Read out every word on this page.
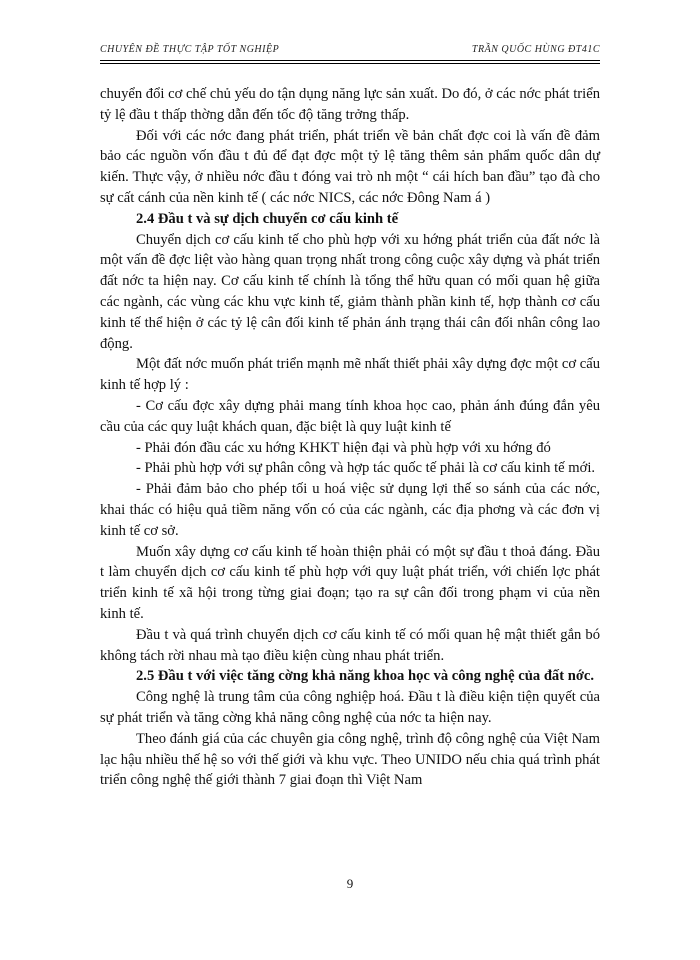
CHUYÊN ĐỀ THỰC TẬP TỐT NGHIỆP	TRẦN QUỐC HÙNG ĐT41C

chuyển đổi cơ chế chủ yếu do tận dụng năng lực sản xuất. Do đó, ở các nớc phát triển tỷ lệ đầu t thấp thờng dẫn đến tốc độ tăng trởng thấp.

Đối với các nớc đang phát triển, phát triển về bản chất đợc coi là vấn đề đảm bảo các nguồn vốn đầu t đủ để đạt đợc một tỷ lệ tăng thêm sản phẩm quốc dân dự kiến. Thực vậy, ở nhiều nớc đầu t đóng vai trò nh một “ cái hích ban đầu” tạo đà cho sự cất cánh của nền kinh tế ( các nớc NICS, các nớc Đông Nam á )

2.4 Đầu t và sự dịch chuyển cơ cấu kinh tế

Chuyển dịch cơ cấu kinh tế cho phù hợp với xu hớng phát triển của đất nớc là một vấn đề đợc liệt vào hàng quan trọng nhất trong công cuộc xây dựng và phát triển đất nớc ta hiện nay. Cơ cấu kinh tế chính là tổng thể hữu quan có mối quan hệ giữa các ngành, các vùng các khu vực kinh tế, giảm thành phần kinh tế, hợp thành cơ cấu kinh tế thể hiện ở các tỷ lệ cân đối kinh tế phản ánh trạng thái cân đối nhân công lao động.

Một đất nớc muốn phát triển mạnh mẽ nhất thiết phải xây dựng đợc một cơ cấu kinh tế hợp lý :

- Cơ cấu đợc xây dựng phải mang tính khoa học cao, phản ánh đúng đắn yêu cầu của các quy luật khách quan, đặc biệt là quy luật kinh tế

- Phải đón đầu các xu hớng KHKT hiện đại và phù hợp với xu hớng đó

- Phải phù hợp với sự phân công và hợp tác quốc tế phải là cơ cấu kinh tế mới.

- Phải đảm bảo cho phép tối u hoá việc sử dụng lợi thế so sánh của các nớc, khai thác có hiệu quả tiềm năng vốn có của các ngành, các địa phơng và các đơn vị kinh tế cơ sở.

Muốn xây dựng cơ cấu kinh tế hoàn thiện phải có một sự đầu t thoả đáng. Đầu t làm chuyển dịch cơ cấu kinh tế phù hợp với quy luật phát triển, với chiến lợc phát triển kinh tế xã hội trong từng giai đoạn; tạo ra sự cân đối trong phạm vi của nền kinh tế.

Đầu t và quá trình chuyển dịch cơ cấu kinh tế có mối quan hệ mật thiết gắn bó không tách rời nhau mà tạo điều kiện cùng nhau phát triển.

2.5 Đầu t với việc tăng cờng khả năng khoa học và công nghệ của đất nớc.

Công nghệ là trung tâm của công nghiệp hoá. Đầu t là điều kiện tiện quyết của sự phát triển và tăng cờng khả năng công nghệ của nớc ta hiện nay.

Theo đánh giá của các chuyên gia công nghệ, trình độ công nghệ của Việt Nam lạc hậu nhiều thế hệ so với thế giới và khu vực. Theo UNIDO nếu chia quá trình phát triển công nghệ thế giới thành 7 giai đoạn thì Việt Nam

9
